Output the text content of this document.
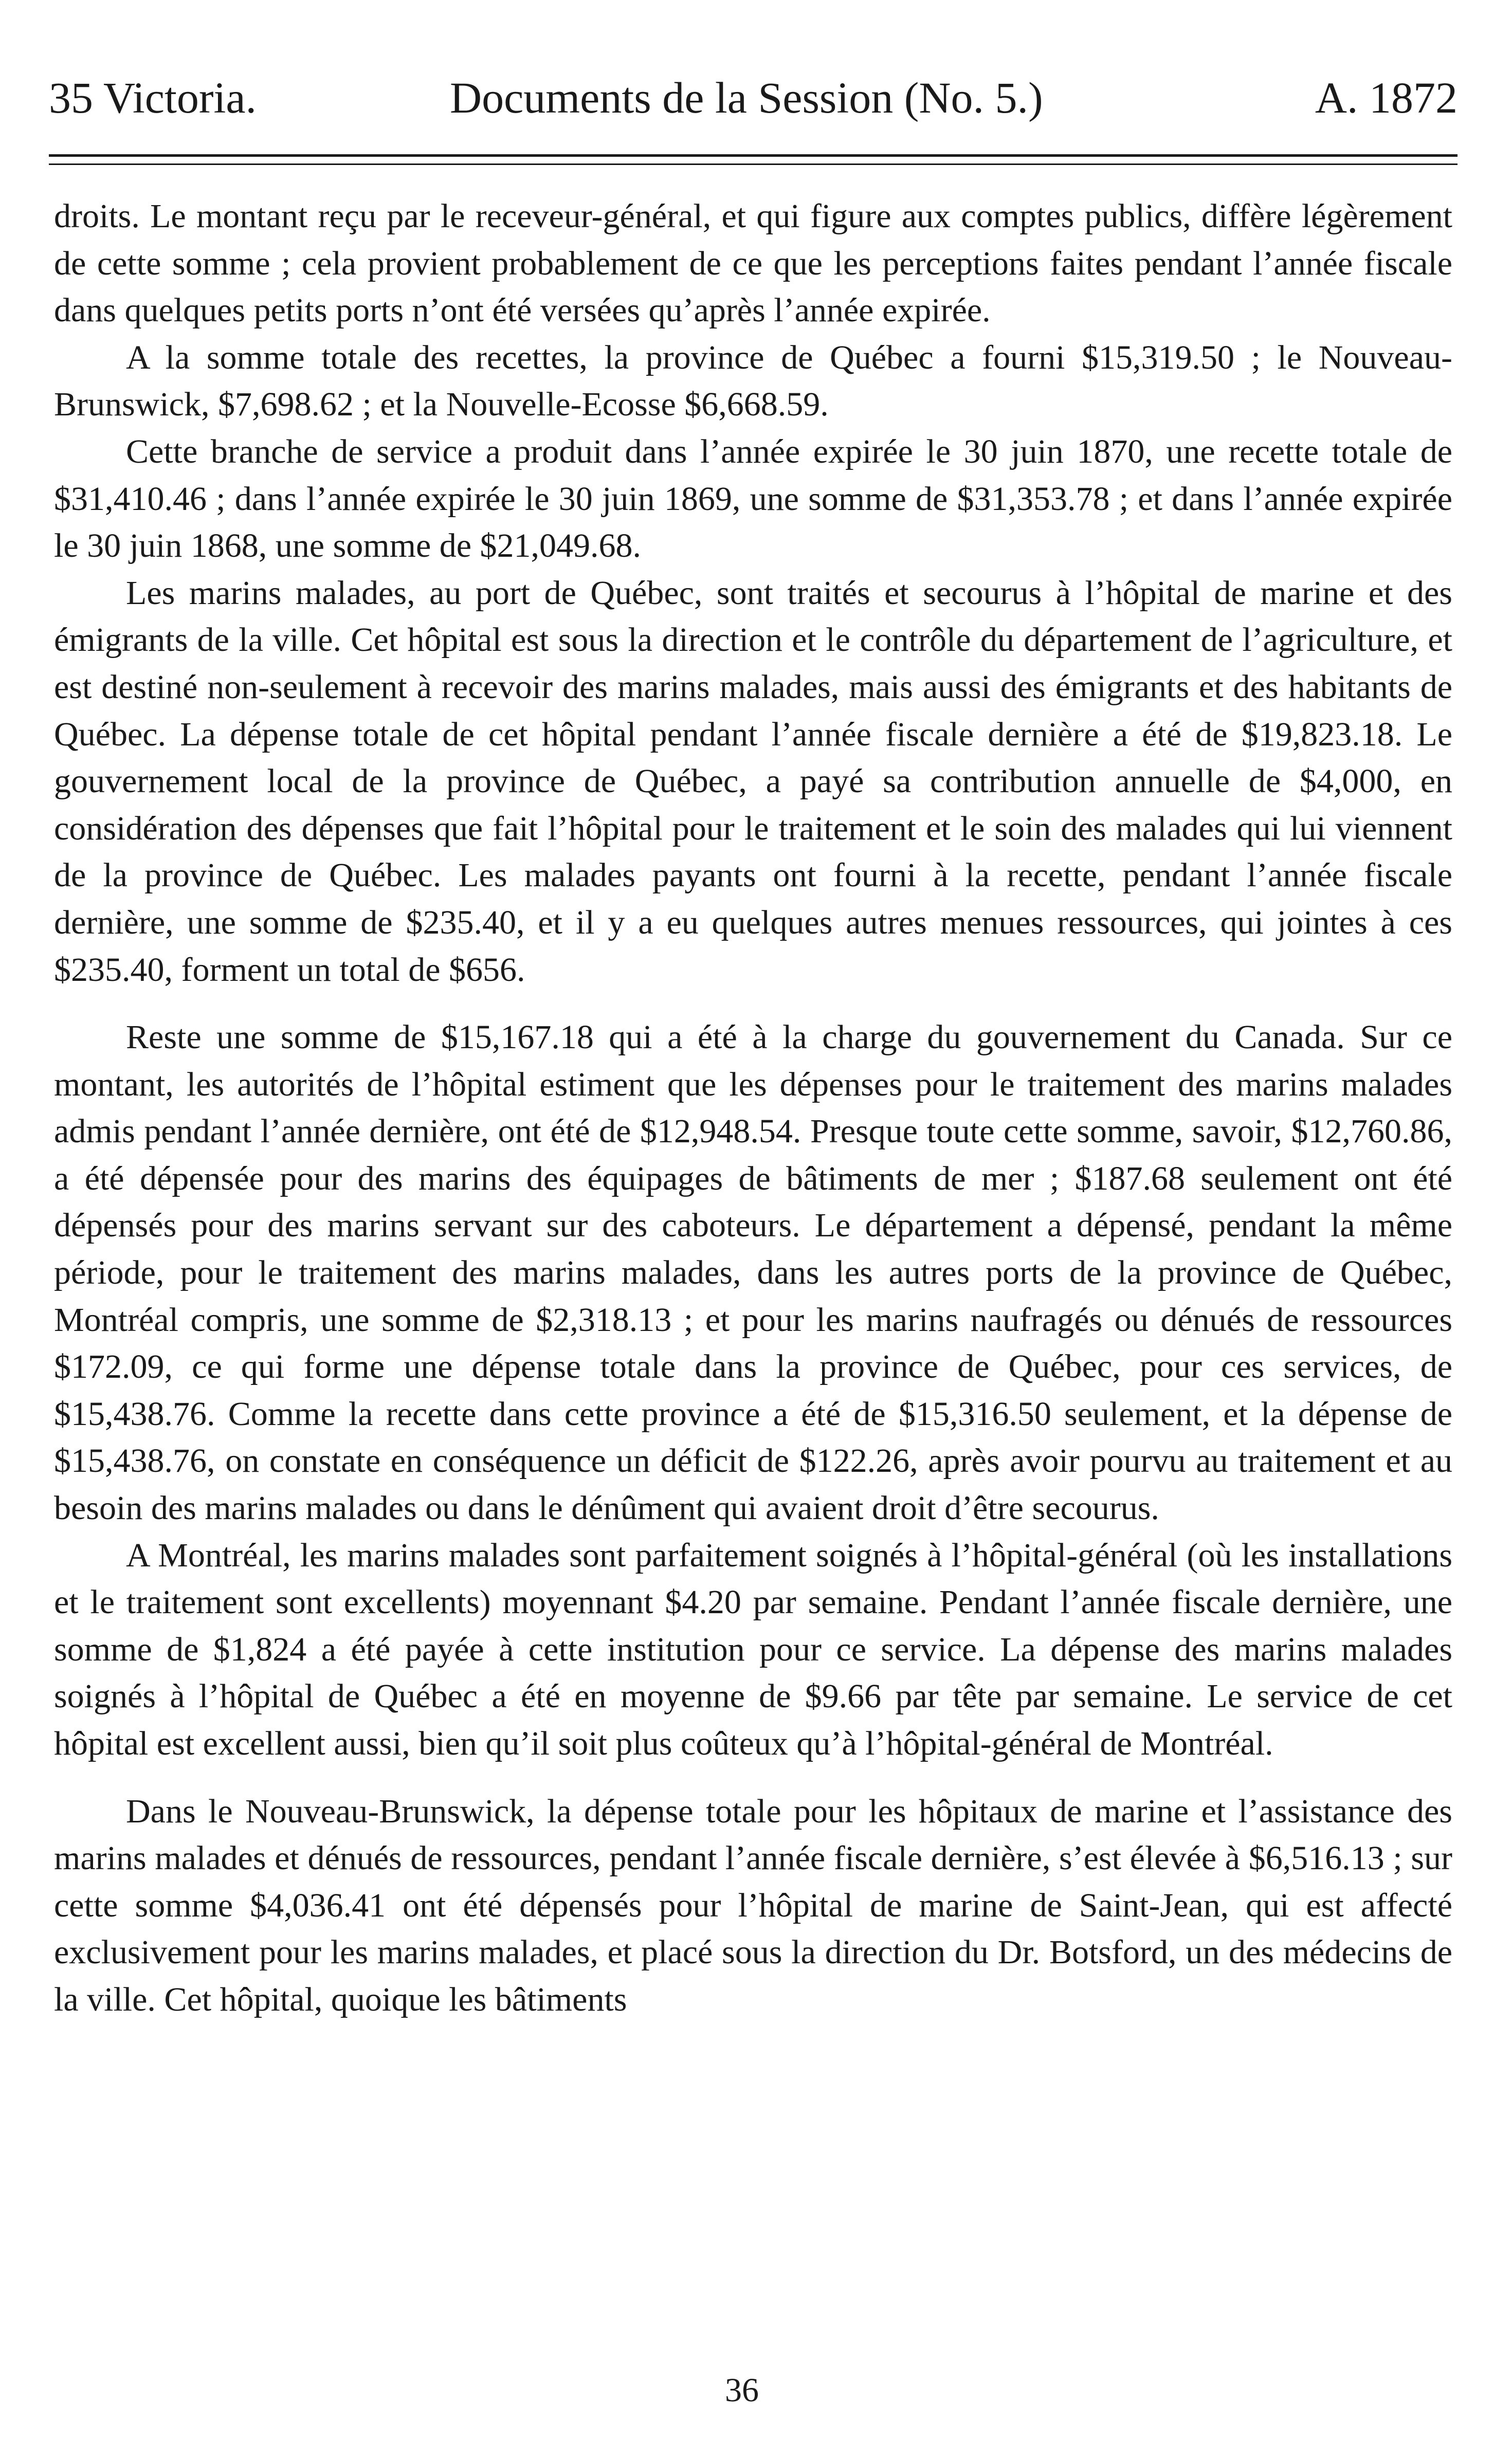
35 Victoria.	Documents de la Session (No. 5.)	A. 1872

droits. Le montant reçu par le receveur-général, et qui figure aux comptes publics, diffère légèrement de cette somme ; cela provient probablement de ce que les perceptions faites pendant l’année fiscale dans quelques petits ports n’ont été versées qu’après l’année expirée.

A la somme totale des recettes, la province de Québec a fourni $15,319.50 ; le Nouveau-Brunswick, $7,698.62 ; et la Nouvelle-Ecosse $6,668.59.

Cette branche de service a produit dans l’année expirée le 30 juin 1870, une recette totale de $31,410.46 ; dans l’année expirée le 30 juin 1869, une somme de $31,353.78 ; et dans l’année expirée le 30 juin 1868, une somme de $21,049.68.

Les marins malades, au port de Québec, sont traités et secourus à l’hôpital de marine et des émigrants de la ville. Cet hôpital est sous la direction et le contrôle du département de l’agriculture, et est destiné non-seulement à recevoir des marins malades, mais aussi des émigrants et des habitants de Québec. La dépense totale de cet hôpital pendant l’année fiscale dernière a été de $19,823.18. Le gouvernement local de la province de Québec, a payé sa contribution annuelle de $4,000, en considération des dépenses que fait l’hôpital pour le traitement et le soin des malades qui lui viennent de la province de Québec. Les malades payants ont fourni à la recette, pendant l’année fiscale dernière, une somme de $235.40, et il y a eu quelques autres menues ressources, qui jointes à ces $235.40, forment un total de $656.

Reste une somme de $15,167.18 qui a été à la charge du gouvernement du Canada. Sur ce montant, les autorités de l’hôpital estiment que les dépenses pour le traitement des marins malades admis pendant l’année dernière, ont été de $12,948.54. Presque toute cette somme, savoir, $12,760.86, a été dépensée pour des marins des équipages de bâtiments de mer ; $187.68 seulement ont été dépensés pour des marins servant sur des caboteurs. Le département a dépensé, pendant la même période, pour le traitement des marins malades, dans les autres ports de la province de Québec, Montréal compris, une somme de $2,318.13 ; et pour les marins naufragés ou dénués de ressources $172.09, ce qui forme une dépense totale dans la province de Québec, pour ces services, de $15,438.76. Comme la recette dans cette province a été de $15,316.50 seulement, et la dépense de $15,438.76, on constate en conséquence un déficit de $122.26, après avoir pourvu au traitement et au besoin des marins malades ou dans le dénûment qui avaient droit d’être secourus.

A Montréal, les marins malades sont parfaitement soignés à l’hôpital-général (où les installations et le traitement sont excellents) moyennant $4.20 par semaine. Pendant l’année fiscale dernière, une somme de $1,824 a été payée à cette institution pour ce service. La dépense des marins malades soignés à l’hôpital de Québec a été en moyenne de $9.66 par tête par semaine. Le service de cet hôpital est excellent aussi, bien qu’il soit plus coûteux qu’à l’hôpital-général de Montréal.

Dans le Nouveau-Brunswick, la dépense totale pour les hôpitaux de marine et l’assistance des marins malades et dénués de ressources, pendant l’année fiscale dernière, s’est élevée à $6,516.13 ; sur cette somme $4,036.41 ont été dépensés pour l’hôpital de marine de Saint-Jean, qui est affecté exclusivement pour les marins malades, et placé sous la direction du Dr. Botsford, un des médecins de la ville. Cet hôpital, quoique les bâtiments

36
